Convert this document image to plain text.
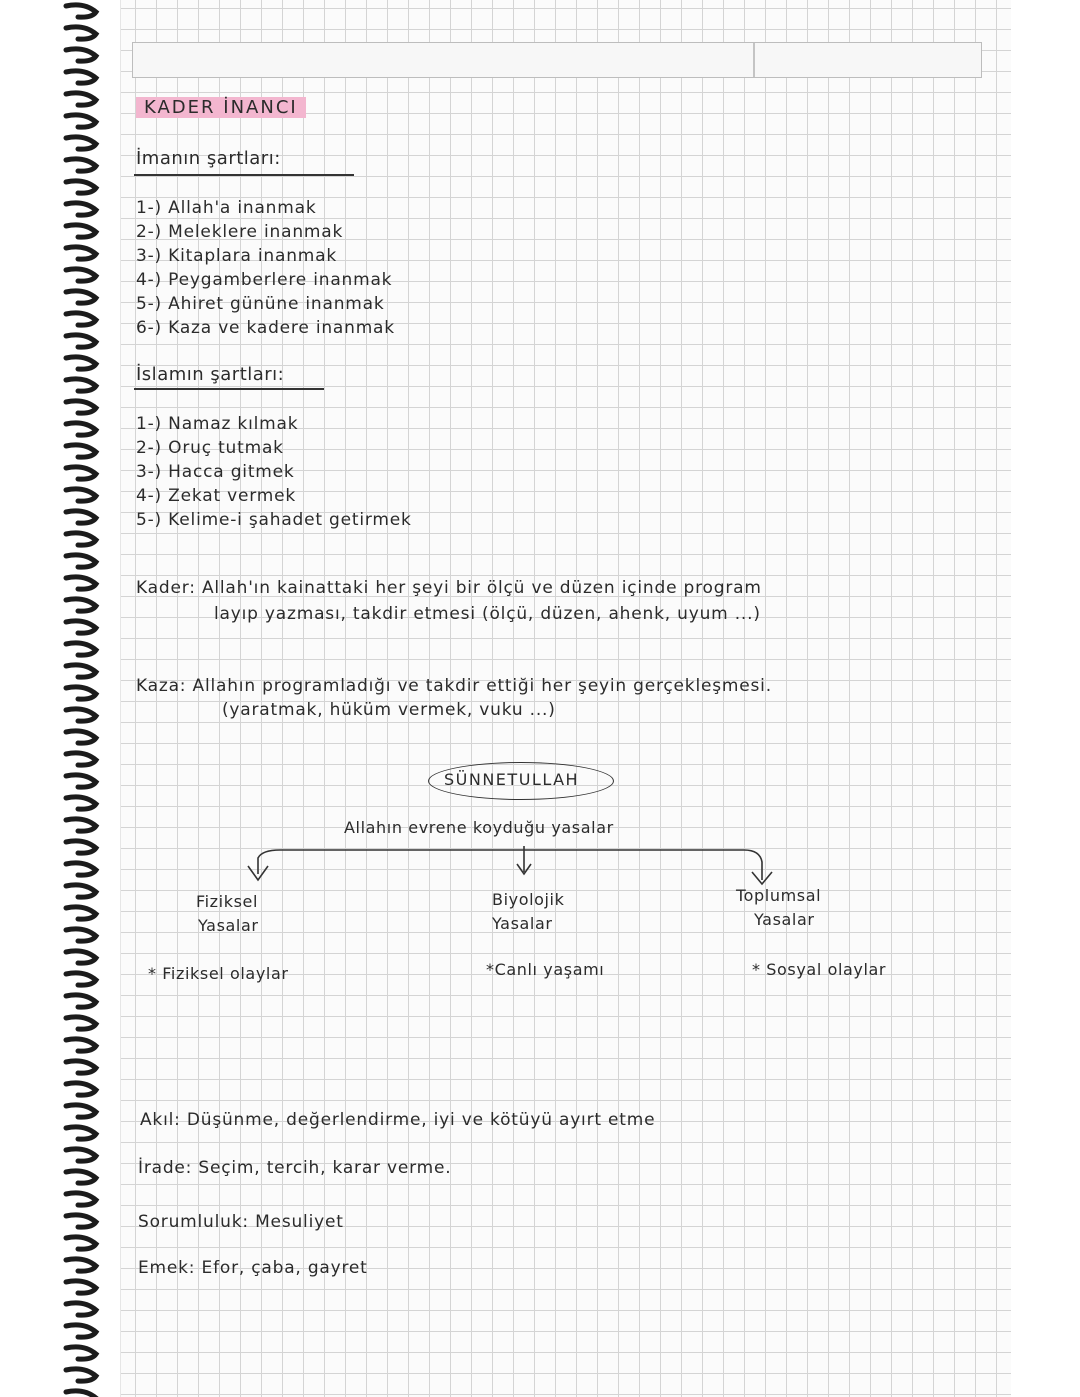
KADER İNANCI
İmanın şartları:
1-) Allah'a inanmak
2-) Meleklere inanmak
3-) Kitaplara inanmak
4-) Peygamberlere inanmak
5-) Ahiret gününe inanmak
6-) Kaza ve kadere inanmak
İslamın şartları:
1-) Namaz kılmak
2-) Oruç tutmak
3-) Hacca gitmek
4-) Zekat vermek
5-) Kelime-i şahadet getirmek
Kader: Allah'ın kainattaki her şeyi bir ölçü ve düzen içinde program
layıp yazması, takdir etmesi (ölçü, düzen, ahenk, uyum ...)
Kaza: Allahın programladığı ve takdir ettiği her şeyin gerçekleşmesi.
(yaratmak, hüküm vermek, vuku ...)
SÜNNETULLAH
Allahın evrene koyduğu yasalar
Fiziksel
Yasalar
Biyolojik
Yasalar
Toplumsal
Yasalar
* Fiziksel olaylar	*Canlı yaşamı	* Sosyal olaylar
Akıl: Düşünme, değerlendirme, iyi ve kötüyü ayırt etme
İrade: Seçim, tercih, karar verme.
Sorumluluk: Mesuliyet
Emek: Efor, çaba, gayret
